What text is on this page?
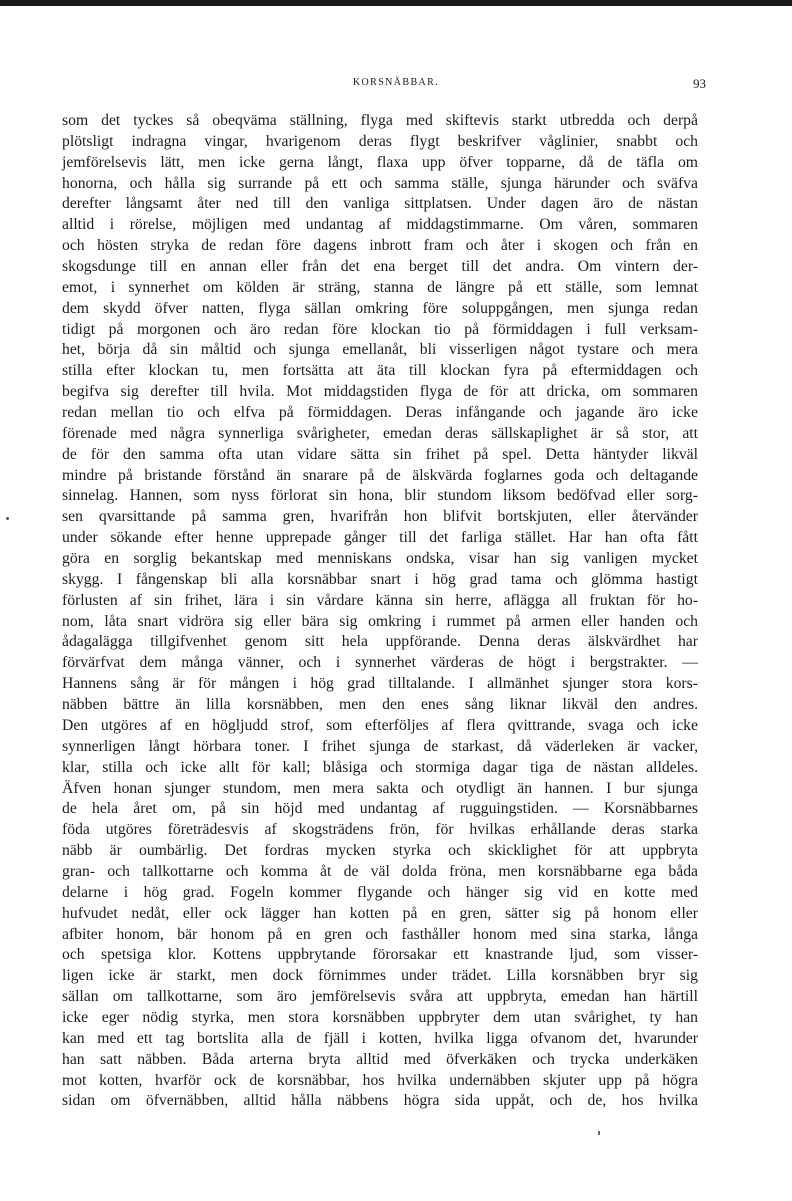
KORSNÄBBAR.	93
som det tyckes så obeqvämа ställning, flyga med skiftevis starkt utbredda och derpå
plötsligt indragna vingar, hvarigenom deras flygt beskrifver våglinier, snabbt och
jemförelsevis lätt, men icke gerna långt, flaxa upp öfver topparne, då de täfla om
honorna, och hålla sig surrande på ett och samma ställe, sjunga härunder och sväfva
derefter långsamt åter ned till den vanliga sittplatsen. Under dagen äro de nästan
alltid i rörelse, möjligen med undantag af middagstimmarne. Om våren, sommaren
och hösten stryka de redan före dagens inbrott fram och åter i skogen och från en
skogsdunge till en annan eller från det ena berget till det andra. Om vintern der-
emot, i synnerhet om kölden är sträng, stanna de längre på ett ställe, som lemnat
dem skydd öfver natten, flyga sällan omkring före soluppgången, men sjunga redan
tidigt på morgonen och äro redan före klockan tio på förmiddagen i full verksam-
het, börja då sin måltid och sjunga emellanåt, bli visserligen något tystare och mera
stilla efter klockan tu, men fortsätta att äta till klockan fyra på eftermiddagen och
begifva sig derefter till hvila. Mot middagstiden flyga de för att dricka, om sommaren
redan mellan tio och elfva på förmiddagen. Deras infångande och jagande äro icke
förenade med några synnerliga svårigheter, emedan deras sällskaplighet är så stor, att
de för den samma ofta utan vidare sätta sin frihet på spel. Detta häntyder likväl
mindre på bristande förstånd än snarare på de älskvärda foglarnes goda och deltagande
sinnelag. Hannen, som nyss förlorat sin hona, blir stundom liksom bedöfvad eller sorg-
sen qvarsittande på samma gren, hvarifrån hon blifvit bortskjuten, eller återvänder
under sökande efter henne upprepade gånger till det farliga stället. Har han ofta fått
göra en sorglig bekantskap med menniskans ondska, visar han sig vanligen mycket
skygg. I fångenskap bli alla korsnäbbar snart i hög grad tama och glömma hastigt
förlusten af sin frihet, lära i sin vårdare känna sin herre, aflägga all fruktan för ho-
nom, låta snart vidröra sig eller bära sig omkring i rummet på armen eller handen och
ådagalägga tillgifvenhet genom sitt hela uppförande. Denna deras älskvärdhet har
förvärfvat dem många vänner, och i synnerhet värderas de högt i bergstrakter. —
Hannens sång är för mången i hög grad tilltalande. I allmänhet sjunger stora kors-
näbben bättre än lilla korsnäbben, men den enes sång liknar likväl den andres.
Den utgöres af en högljudd strof, som efterföljes af flera qvittrande, svaga och icke
synnerligen långt hörbara toner. I frihet sjunga de starkast, då väderleken är vacker,
klar, stilla och icke allt för kall; blåsiga och stormiga dagar tiga de nästan alldeles.
Äfven honan sjunger stundom, men mera sakta och otydligt än hannen. I bur sjunga
de hela året om, på sin höjd med undantag af rugguingstiden. — Korsnäbbarnes
föda utgöres företrädesvis af skogsträdens frön, för hvilkas erhållande deras starka
näbb är oumbärlig. Det fordras mycken styrka och skicklighet för att uppbryta
gran- och tallkottarne och komma åt de väl dolda fröna, men korsnäbbarne ega båda
delarne i hög grad. Fogeln kommer flygande och hänger sig vid en kotte med
hufvudet nedåt, eller ock lägger han kotten på en gren, sätter sig på honom eller
afbiter honom, bär honom på en gren och fasthåller honom med sina starka, långa
och spetsiga klor. Kottens uppbrytande förorsakar ett knastrande ljud, som visser-
ligen icke är starkt, men dock förnimmes under trädet. Lilla korsnäbben bryr sig
sällan om tallkottarne, som äro jemförelsevis svåra att uppbryta, emedan han härtill
icke eger nödig styrka, men stora korsnäbben uppbryter dem utan svårighet, ty han
kan med ett tag bortslita alla de fjäll i kotten, hvilka ligga ofvanom det, hvarunder
han satt näbben. Båda arterna bryta alltid med öfverkäken och trycka underkäken
mot kotten, hvarför ock de korsnäbbar, hos hvilka undernäbben skjuter upp på högra
sidan om öfvernäbben, alltid hålla näbbens högra sida uppåt, och de, hos hvilka
